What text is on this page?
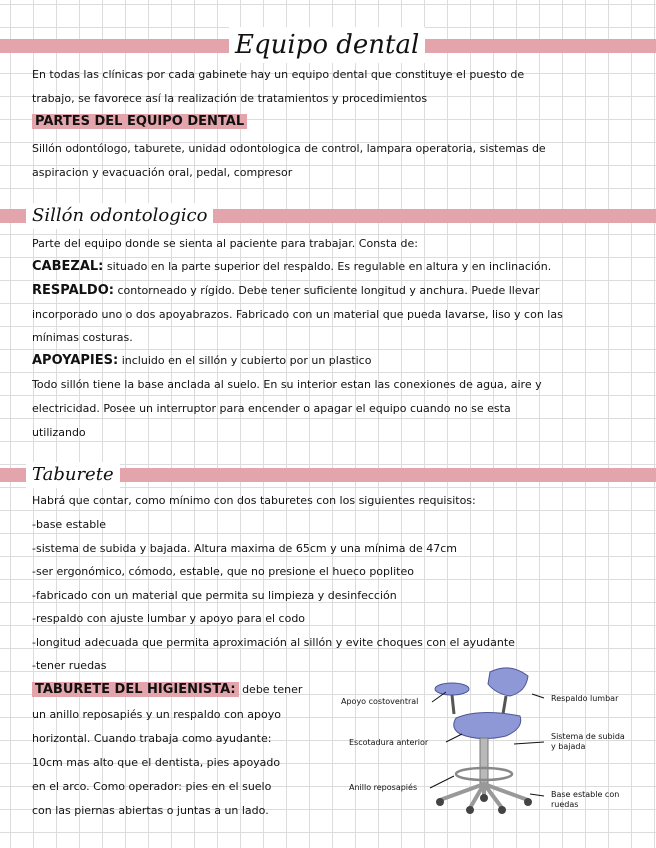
Equipo dental
En todas las clínicas por cada gabinete hay un equipo dental que constituye el puesto de
trabajo, se favorece así la realización de tratamientos y procedimientos
PARTES DEL EQUIPO DENTAL
Sillón odontólogo, taburete, unidad odontologica de control, lampara operatoria, sistemas de
aspiracion y evacuación oral, pedal, compresor
Sillón odontologico
Parte del equipo donde se sienta al paciente para trabajar. Consta de:
CABEZAL: situado en la parte superior del respaldo. Es regulable en altura y en inclinación.
RESPALDO: contorneado y rígido. Debe tener suficiente longitud y anchura. Puede llevar
incorporado uno o dos apoyabrazos. Fabricado con un material que pueda lavarse, liso y con las
mínimas costuras.
APOYAPIES: incluido en el sillón y cubierto por un plastico
Todo sillón tiene la base anclada al suelo. En su interior estan las conexiones de agua, aire y
electricidad. Posee un interruptor para encender o apagar el equipo cuando no se esta
utilizando
Taburete
Habrá que contar, como mínimo con dos taburetes con los siguientes requisitos:
-base estable
-sistema de subida y bajada. Altura maxima de 65cm y una mínima de 47cm
-ser ergonómico, cómodo, estable, que no presione el hueco popliteo
-fabricado con un material que permita su limpieza y desinfección
-respaldo con ajuste lumbar y apoyo para el codo
-longitud adecuada que permita aproximación al sillón y evite choques con el ayudante
-tener ruedas
TABURETE DEL HIGIENISTA: debe tener
un anillo reposapiés y un respaldo con apoyo
horizontal. Cuando trabaja como ayudante:
10cm mas alto que el dentista, pies apoyado
en el arco. Como operador: pies en el suelo
con las piernas abiertas o juntas a un lado.
Apoyo costoventral
Escotadura anterior
Anillo reposapiés
Respaldo lumbar
Sistema de subida
y bajada
Base estable con
ruedas
